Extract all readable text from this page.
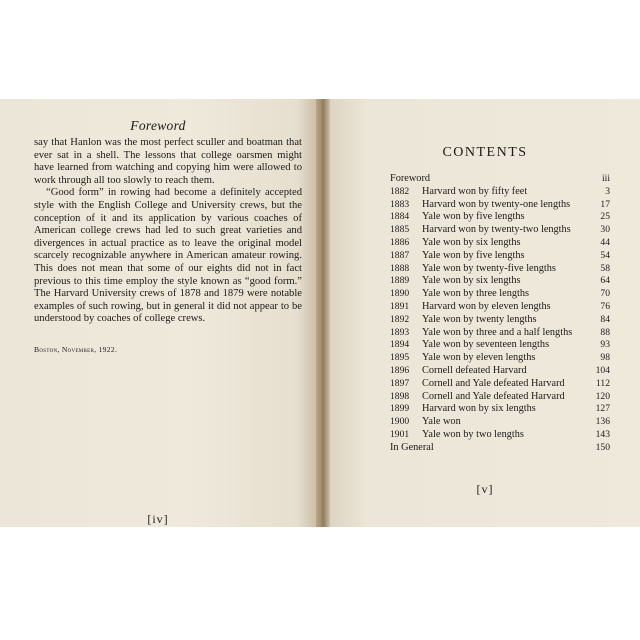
Foreword

say that Hanlon was the most perfect sculler and boatman that ever sat in a shell. The lessons that college oarsmen might have learned from watching and copying him were allowed to work through all too slowly to reach them.

“Good form” in rowing had become a definitely accepted style with the English College and University crews, but the conception of it and its application by various coaches of American college crews had led to such great varieties and divergences in actual practice as to leave the original model scarcely recognizable anywhere in American amateur rowing. This does not mean that some of our eights did not in fact previous to this time employ the style known as “good form.” The Harvard University crews of 1878 and 1879 were notable examples of such rowing, but in general it did not appear to be understood by coaches of college crews.

Boston, November, 1922.
[iv]
CONTENTS
Foreword	iii
1882	Harvard won by fifty feet	3
1883	Harvard won by twenty-one lengths	17
1884	Yale won by five lengths	25
1885	Harvard won by twenty-two lengths	30
1886	Yale won by six lengths	44
1887	Yale won by five lengths	54
1888	Yale won by twenty-five lengths	58
1889	Yale won by six lengths	64
1890	Yale won by three lengths	70
1891	Harvard won by eleven lengths	76
1892	Yale won by twenty lengths	84
1893	Yale won by three and a half lengths	88
1894	Yale won by seventeen lengths	93
1895	Yale won by eleven lengths	98
1896	Cornell defeated Harvard	104
1897	Cornell and Yale defeated Harvard	112
1898	Cornell and Yale defeated Harvard	120
1899	Harvard won by six lengths	127
1900	Yale won	136
1901	Yale won by two lengths	143
In General	150
[v]
